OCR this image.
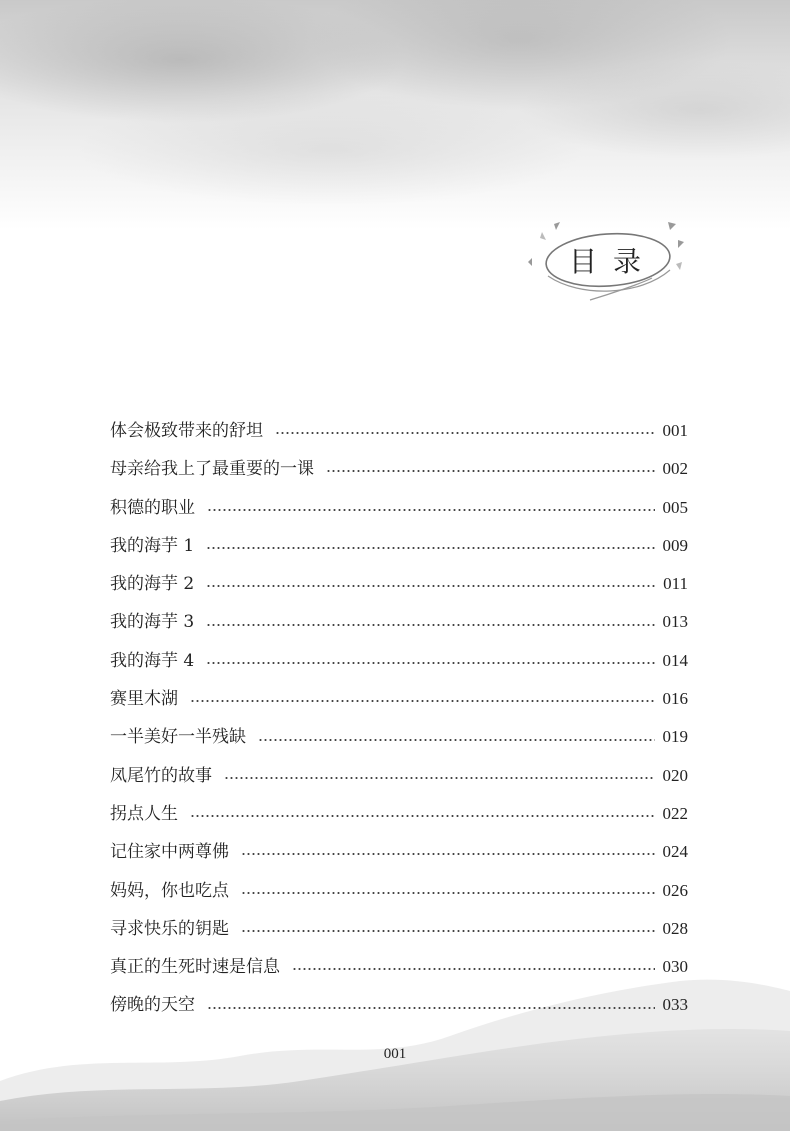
目录
体会极致带来的舒坦	001
母亲给我上了最重要的一课	002
积德的职业	005
我的海芋 1	009
我的海芋 2	011
我的海芋 3	013
我的海芋 4	014
赛里木湖	016
一半美好一半残缺	019
凤尾竹的故事	020
拐点人生	022
记住家中两尊佛	024
妈妈，你也吃点	026
寻求快乐的钥匙	028
真正的生死时速是信息	030
傍晚的天空	033
001
